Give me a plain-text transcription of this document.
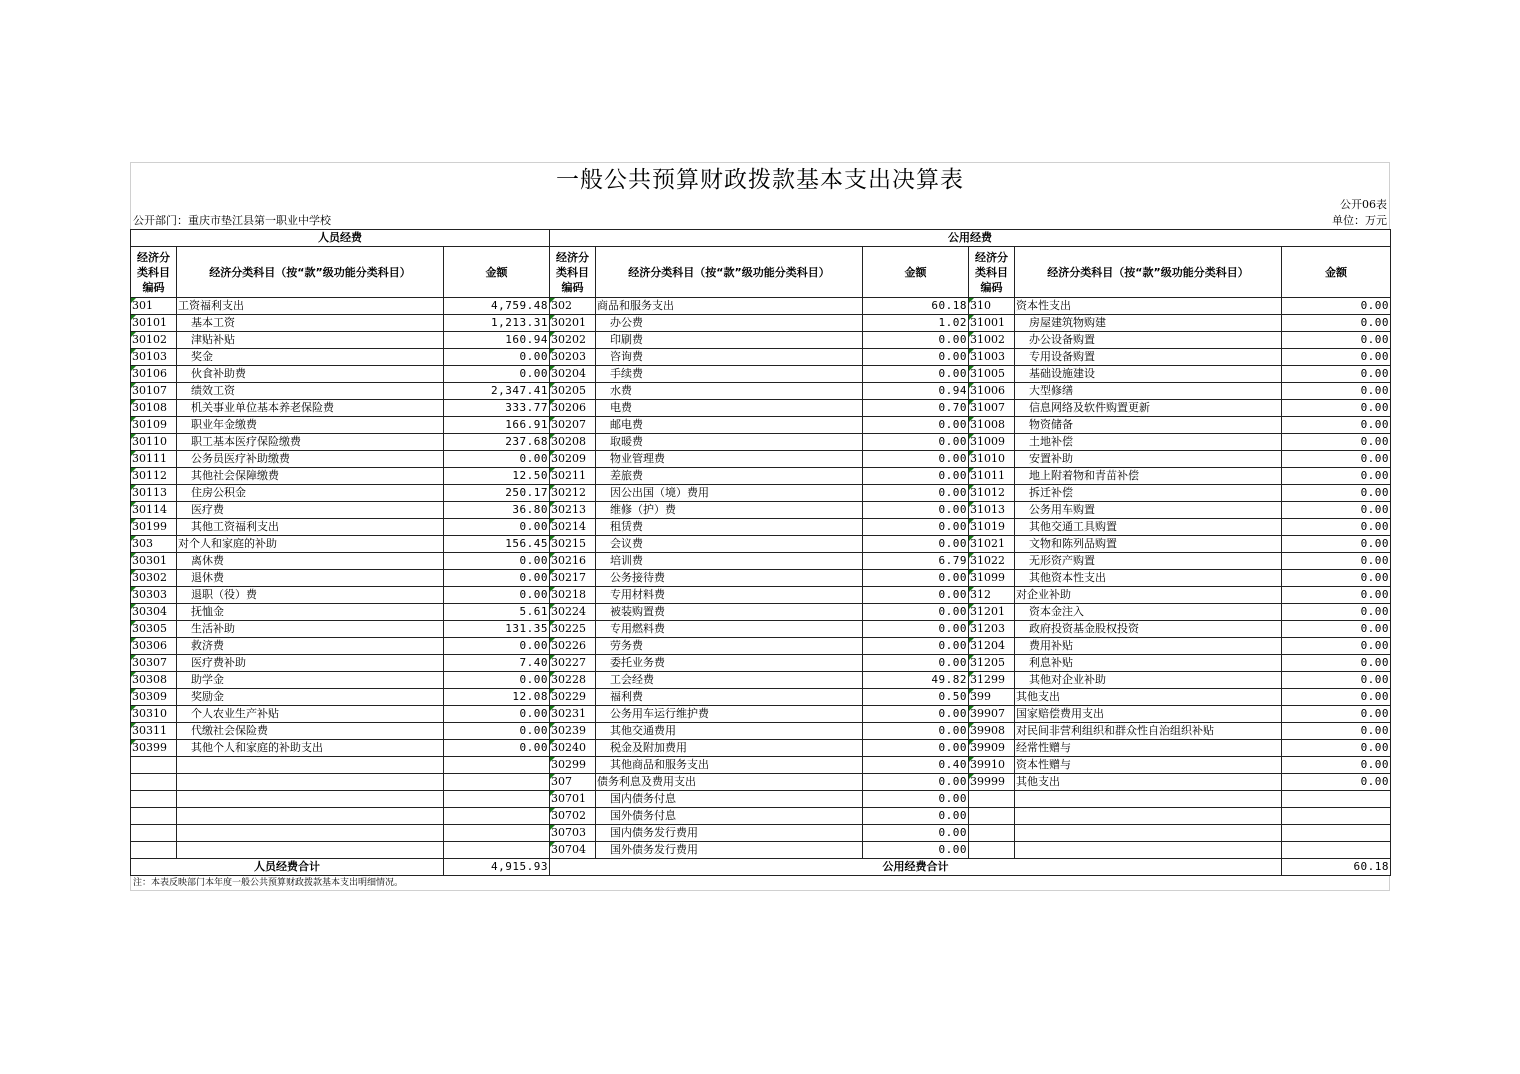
一般公共预算财政拨款基本支出决算表
公开06表
公开部门：重庆市垫江县第一职业中学校	单位：万元
人员经费			公用经费					
经济分类科目编码	经济分类科目（按“款”级功能分类科目）	金额	经济分类科目编码	经济分类科目（按“款”级功能分类科目）	金额	经济分类科目编码	经济分类科目（按“款”级功能分类科目）	金额
301	工资福利支出	4,759.48	302	商品和服务支出	60.18	310	资本性支出	0.00
30101	基本工资	1,213.31	30201	办公费	1.02	31001	房屋建筑物购建	0.00
30102	津贴补贴	160.94	30202	印刷费	0.00	31002	办公设备购置	0.00
30103	奖金	0.00	30203	咨询费	0.00	31003	专用设备购置	0.00
30106	伙食补助费	0.00	30204	手续费	0.00	31005	基础设施建设	0.00
30107	绩效工资	2,347.41	30205	水费	0.94	31006	大型修缮	0.00
30108	机关事业单位基本养老保险费	333.77	30206	电费	0.70	31007	信息网络及软件购置更新	0.00
30109	职业年金缴费	166.91	30207	邮电费	0.00	31008	物资储备	0.00
30110	职工基本医疗保险缴费	237.68	30208	取暖费	0.00	31009	土地补偿	0.00
30111	公务员医疗补助缴费	0.00	30209	物业管理费	0.00	31010	安置补助	0.00
30112	其他社会保障缴费	12.50	30211	差旅费	0.00	31011	地上附着物和青苗补偿	0.00
30113	住房公积金	250.17	30212	因公出国（境）费用	0.00	31012	拆迁补偿	0.00
30114	医疗费	36.80	30213	维修（护）费	0.00	31013	公务用车购置	0.00
30199	其他工资福利支出	0.00	30214	租赁费	0.00	31019	其他交通工具购置	0.00
303	对个人和家庭的补助	156.45	30215	会议费	0.00	31021	文物和陈列品购置	0.00
30301	离休费	0.00	30216	培训费	6.79	31022	无形资产购置	0.00
30302	退休费	0.00	30217	公务接待费	0.00	31099	其他资本性支出	0.00
30303	退职（役）费	0.00	30218	专用材料费	0.00	312	对企业补助	0.00
30304	抚恤金	5.61	30224	被装购置费	0.00	31201	资本金注入	0.00
30305	生活补助	131.35	30225	专用燃料费	0.00	31203	政府投资基金股权投资	0.00
30306	救济费	0.00	30226	劳务费	0.00	31204	费用补贴	0.00
30307	医疗费补助	7.40	30227	委托业务费	0.00	31205	利息补贴	0.00
30308	助学金	0.00	30228	工会经费	49.82	31299	其他对企业补助	0.00
30309	奖励金	12.08	30229	福利费	0.50	399	其他支出	0.00
30310	个人农业生产补贴	0.00	30231	公务用车运行维护费	0.00	39907	国家赔偿费用支出	0.00
30311	代缴社会保险费	0.00	30239	其他交通费用	0.00	39908	对民间非营利组织和群众性自治组织补贴	0.00
30399	其他个人和家庭的补助支出	0.00	30240	税金及附加费用	0.00	39909	经常性赠与	0.00
			30299	其他商品和服务支出	0.40	39910	资本性赠与	0.00
			307	债务利息及费用支出	0.00	39999	其他支出	0.00
			30701	国内债务付息	0.00			
			30702	国外债务付息	0.00			
			30703	国内债务发行费用	0.00			
			30704	国外债务发行费用	0.00			
人员经费合计		4,915.93	公用经费合计					60.18
注：本表反映部门本年度一般公共预算财政拨款基本支出明细情况。
